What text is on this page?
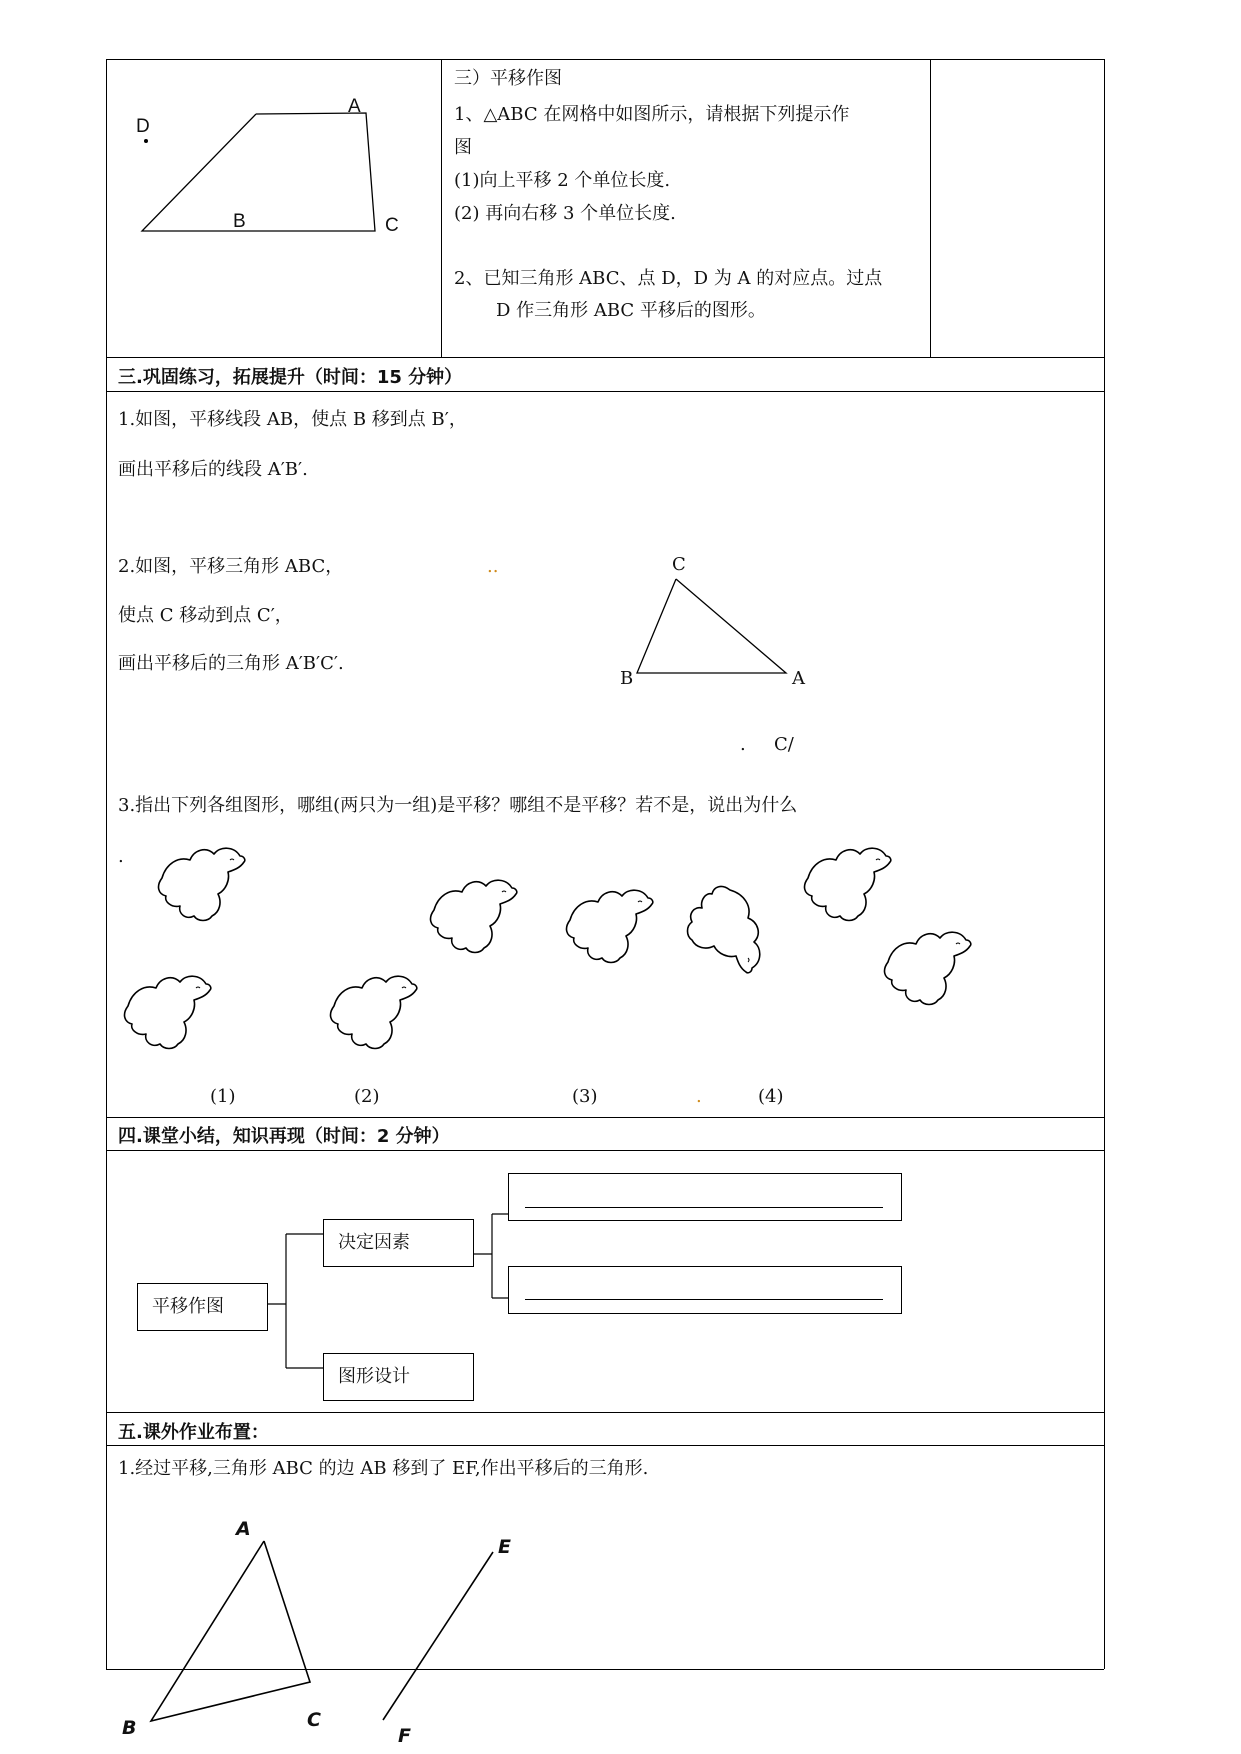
D
A
B	C
三）平移作图
1、△ABC 在网格中如图所示，请根据下列提示作
图
(1)向上平移 2 个单位长度.
(2) 再向右移 3 个单位长度.
2、已知三角形 ABC、点 D，D 为 A 的对应点。过点
D 作三角形 ABC 平移后的图形。
三.巩固练习，拓展提升（时间：15 分钟）
1.如图，平移线段 AB，使点 B 移到点 B′，
画出平移后的线段 A′B′.
2.如图，平移三角形 ABC，	..
使点 C 移动到点 C′，
画出平移后的三角形 A′B′C′.
C
B	A
. C/
3.指出下列各组图形，哪组(两只为一组)是平移？哪组不是平移？若不是，说出为什么
.
(1)	(2)	(3)	.	(4)
四.课堂小结，知识再现（时间：2 分钟）
平移作图
决定因素
图形设计
五.课外作业布置：
1.经过平移,三角形 ABC 的边 AB 移到了 EF,作出平移后的三角形.
A
B	C
E
F
